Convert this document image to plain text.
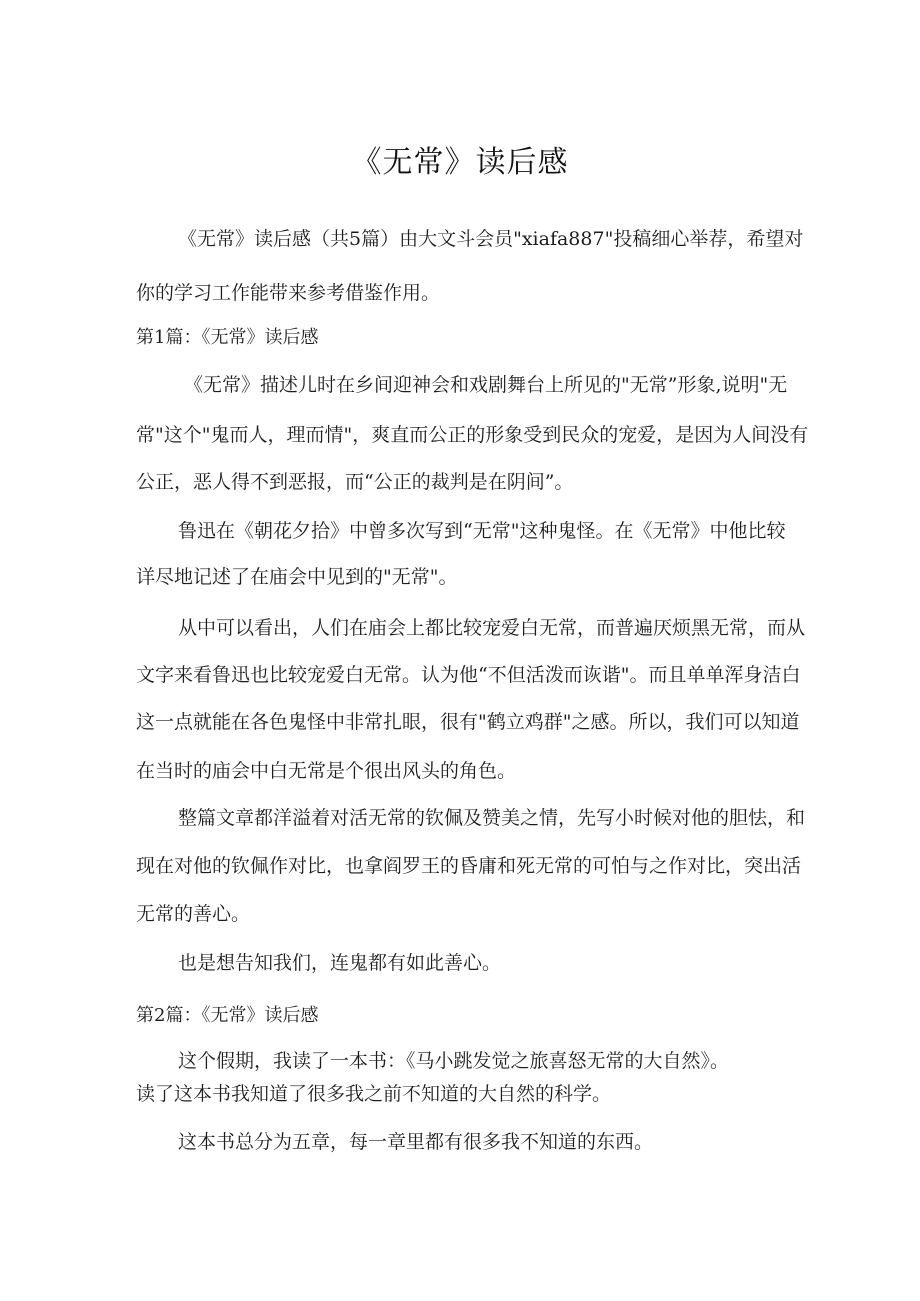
《无常》读后感
《无常》读后感（共5篇）由大文斗会员"xiafa887"投稿细心举荐，希望对
你的学习工作能带来参考借鉴作用。
第1篇：《无常》读后感
《无常》描述儿时在乡间迎神会和戏剧舞台上所见的"无常”形象,说明"无
常"这个"鬼而人，理而情"，爽直而公正的形象受到民众的宠爱，是因为人间没有
公正，恶人得不到恶报，而“公正的裁判是在阴间”。
鲁迅在《朝花夕拾》中曾多次写到“无常"这种鬼怪。在《无常》中他比较
详尽地记述了在庙会中见到的"无常"。
从中可以看出，人们在庙会上都比较宠爱白无常，而普遍厌烦黑无常，而从
文字来看鲁迅也比较宠爱白无常。认为他“不但活泼而诙谐"。而且单单浑身洁白
这一点就能在各色鬼怪中非常扎眼，很有"鹤立鸡群"之感。所以，我们可以知道
在当时的庙会中白无常是个很出风头的角色。
整篇文章都洋溢着对活无常的钦佩及赞美之情，先写小时候对他的胆怯，和
现在对他的钦佩作对比，也拿阎罗王的昏庸和死无常的可怕与之作对比，突出活
无常的善心。
也是想告知我们，连鬼都有如此善心。
第2篇：《无常》读后感
这个假期，我读了一本书：《马小跳发觉之旅喜怒无常的大自然》。
读了这本书我知道了很多我之前不知道的大自然的科学。
这本书总分为五章，每一章里都有很多我不知道的东西。
